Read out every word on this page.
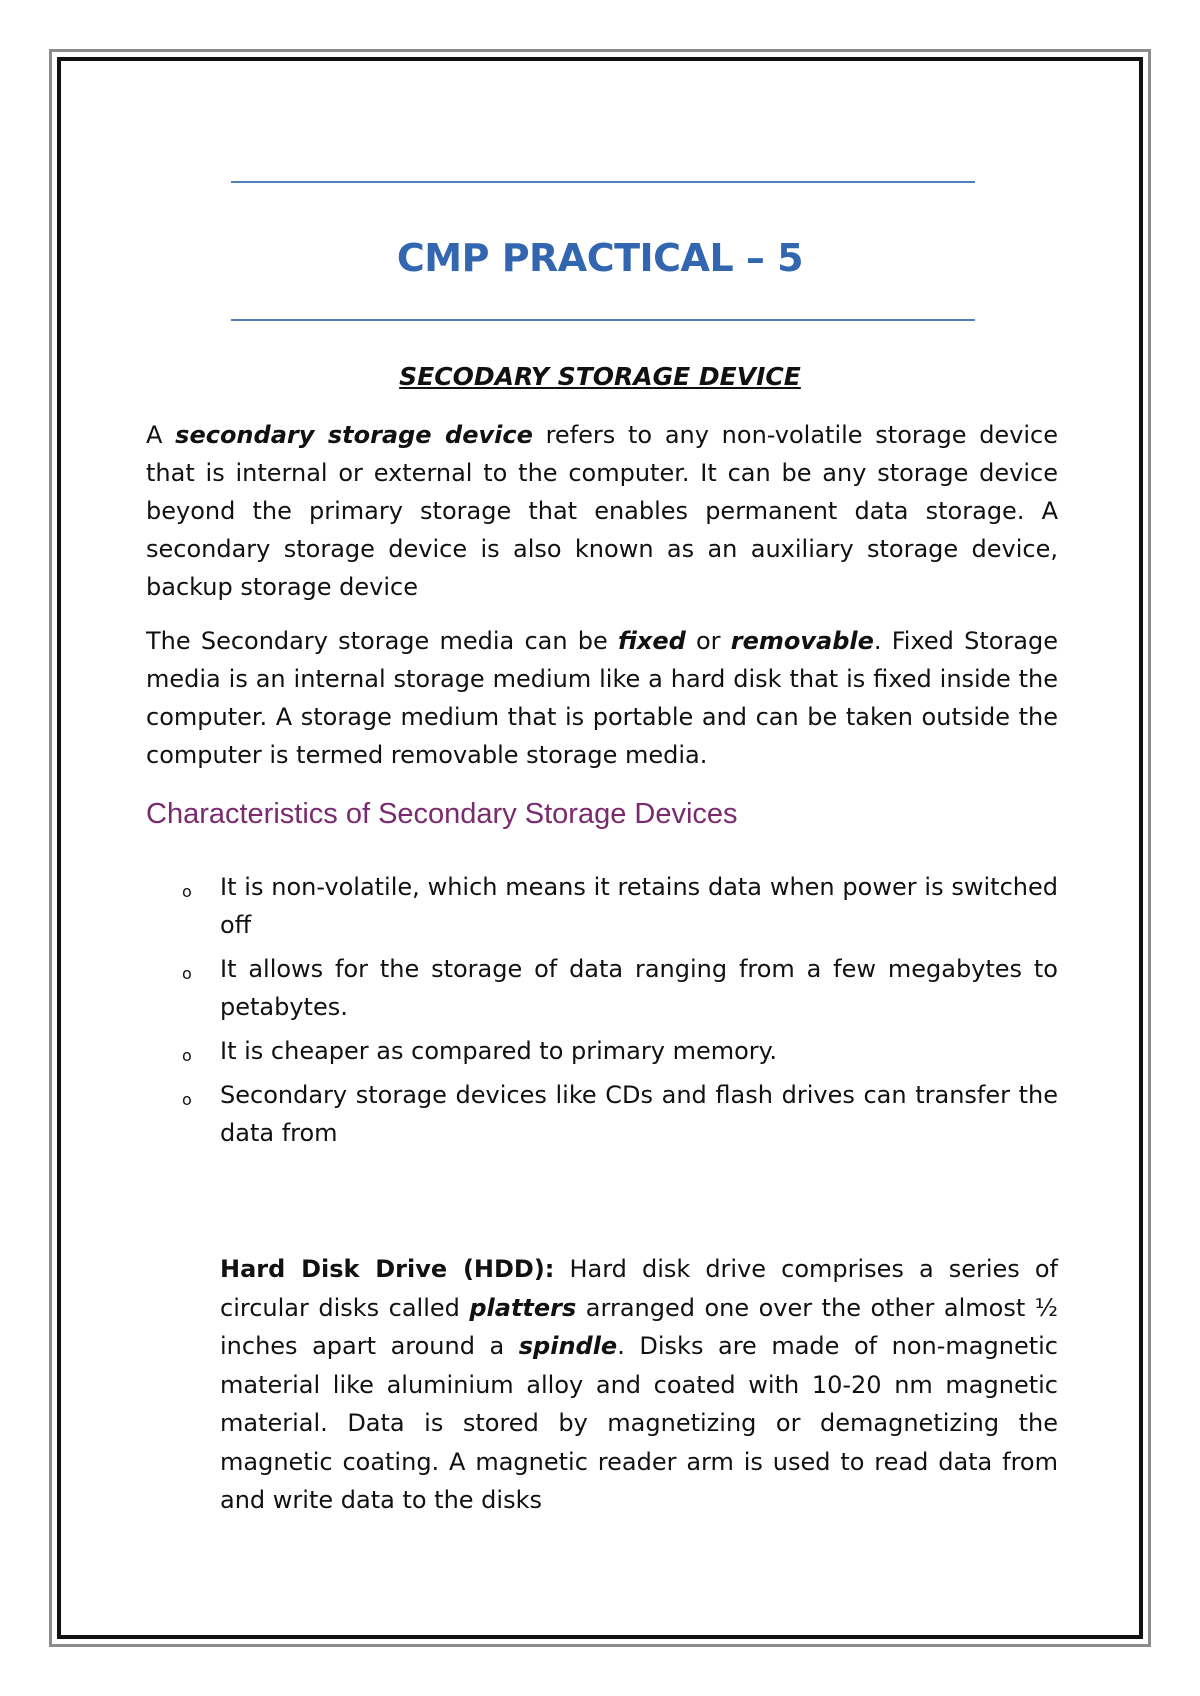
CMP PRACTICAL – 5
SECODARY STORAGE DEVICE

A secondary storage device refers to any non-volatile storage device that is internal or external to the computer. It can be any storage device beyond the primary storage that enables permanent data storage. A secondary storage device is also known as an auxiliary storage device, backup storage device

The Secondary storage media can be fixed or removable. Fixed Storage media is an internal storage medium like a hard disk that is fixed inside the computer. A storage medium that is portable and can be taken outside the computer is termed removable storage media.

Characteristics of Secondary Storage Devices
o It is non-volatile, which means it retains data when power is switched off
o It allows for the storage of data ranging from a few megabytes to petabytes.
o It is cheaper as compared to primary memory.
o Secondary storage devices like CDs and flash drives can transfer the data from

Hard Disk Drive (HDD): Hard disk drive comprises a series of circular disks called platters arranged one over the other almost ½ inches apart around a spindle. Disks are made of non-magnetic material like aluminium alloy and coated with 10-20 nm magnetic material. Data is stored by magnetizing or demagnetizing the magnetic coating. A magnetic reader arm is used to read data from and write data to the disks
